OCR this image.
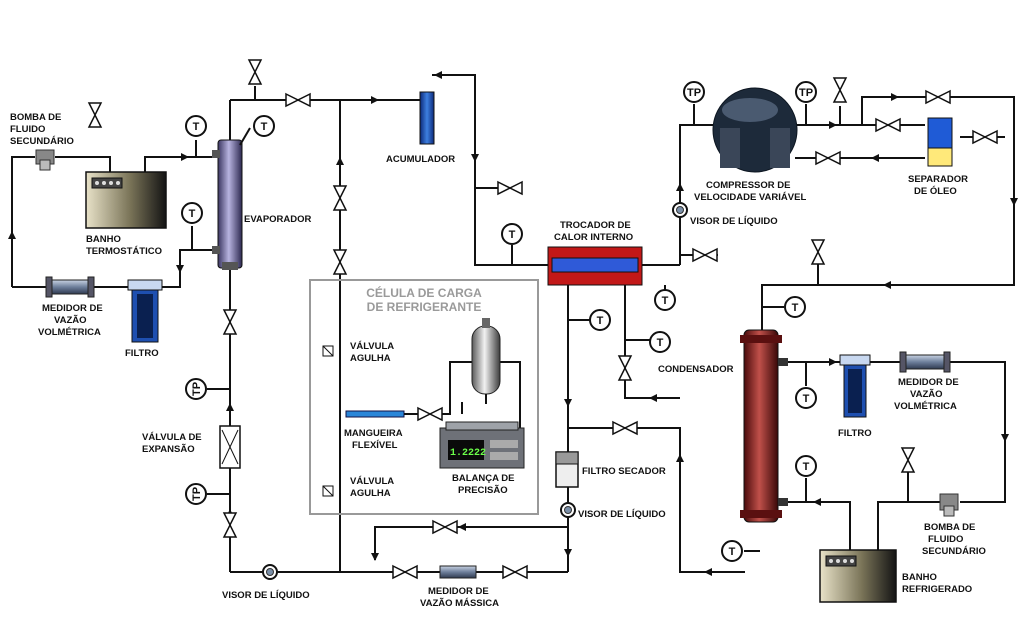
CÉLULA DE CARGA
DE REFRIGERANTE
1.2222
T	T
T
TP
TP
T
T
T
T
TP	TP
T
T
T
T
BOMBA DE
FLUIDO
SECUNDÁRIO
BANHO
TERMOSTÁTICO
MEDIDOR DE
VAZÃO
VOLMÉTRICA
FILTRO
EVAPORADOR
VÁLVULA DE
EXPANSÃO
VISOR DE LÍQUIDO
ACUMULADOR
VÁLVULA
AGULHA
MANGUEIRA
FLEXÍVEL
VÁLVULA
AGULHA
BALANÇA DE
PRECISÃO
MEDIDOR DE
VAZÃO MÁSSICA
TROCADOR DE
CALOR INTERNO
FILTRO SECADOR
VISOR DE LÍQUIDO
COMPRESSOR DE
VELOCIDADE VARIÁVEL
VISOR DE LÍQUIDO
SEPARADOR
DE ÓLEO
CONDENSADOR
FILTRO
MEDIDOR DE
VAZÃO
VOLMÉTRICA
BOMBA DE
FLUIDO
SECUNDÁRIO
BANHO
REFRIGERADO
